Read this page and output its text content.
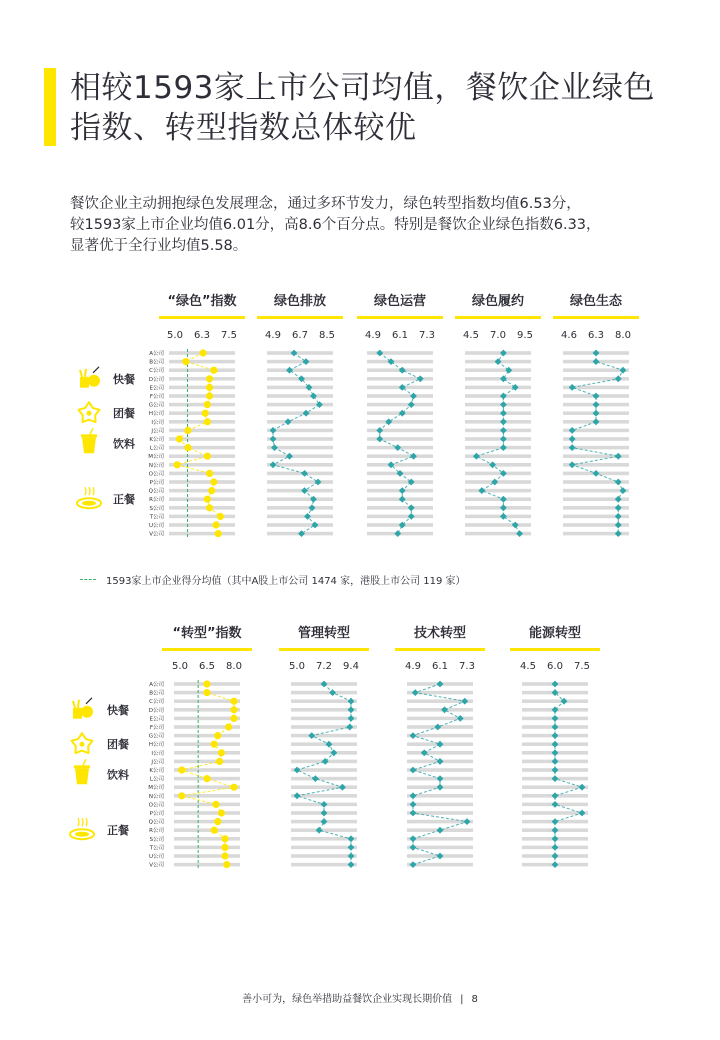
相较1593家上市公司均值，餐饮企业绿色
指数、转型指数总体较优
餐饮企业主动拥抱绿色发展理念，通过多环节发力，绿色转型指数均值6.53分，
较1593家上市企业均值6.01分，高8.6个百分点。特别是餐饮企业绿色指数6.33，
显著优于全行业均值5.58。
快餐
团餐
饮料
正餐
A公司
B公司
C公司
D公司
E公司
F公司
G公司
H公司
I公司
J公司
K公司
L公司
M公司
N公司
O公司
P公司
Q公司
R公司
S公司
T公司
U公司
V公司
“绿色”指数
5.0 6.3 7.5
绿色排放
4.9 6.7 8.5
绿色运营
4.9 6.1 7.3
绿色履约
4.5 7.0 9.5
绿色生态
4.6 6.3 8.0
1593家上市企业得分均值（其中A股上市公司 1474 家，港股上市公司 119 家）
快餐
团餐
饮料
正餐
A公司
B公司
C公司
D公司
E公司
F公司
G公司
H公司
I公司
J公司
K公司
L公司
M公司
N公司
O公司
P公司
Q公司
R公司
S公司
T公司
U公司
V公司
“转型”指数
5.0 6.5 8.0
管理转型
5.0 7.2 9.4
技术转型
4.9 6.1 7.3
能源转型
4.5 6.0 7.5
善小可为，绿色举措助益餐饮企业实现长期价值 | 8
